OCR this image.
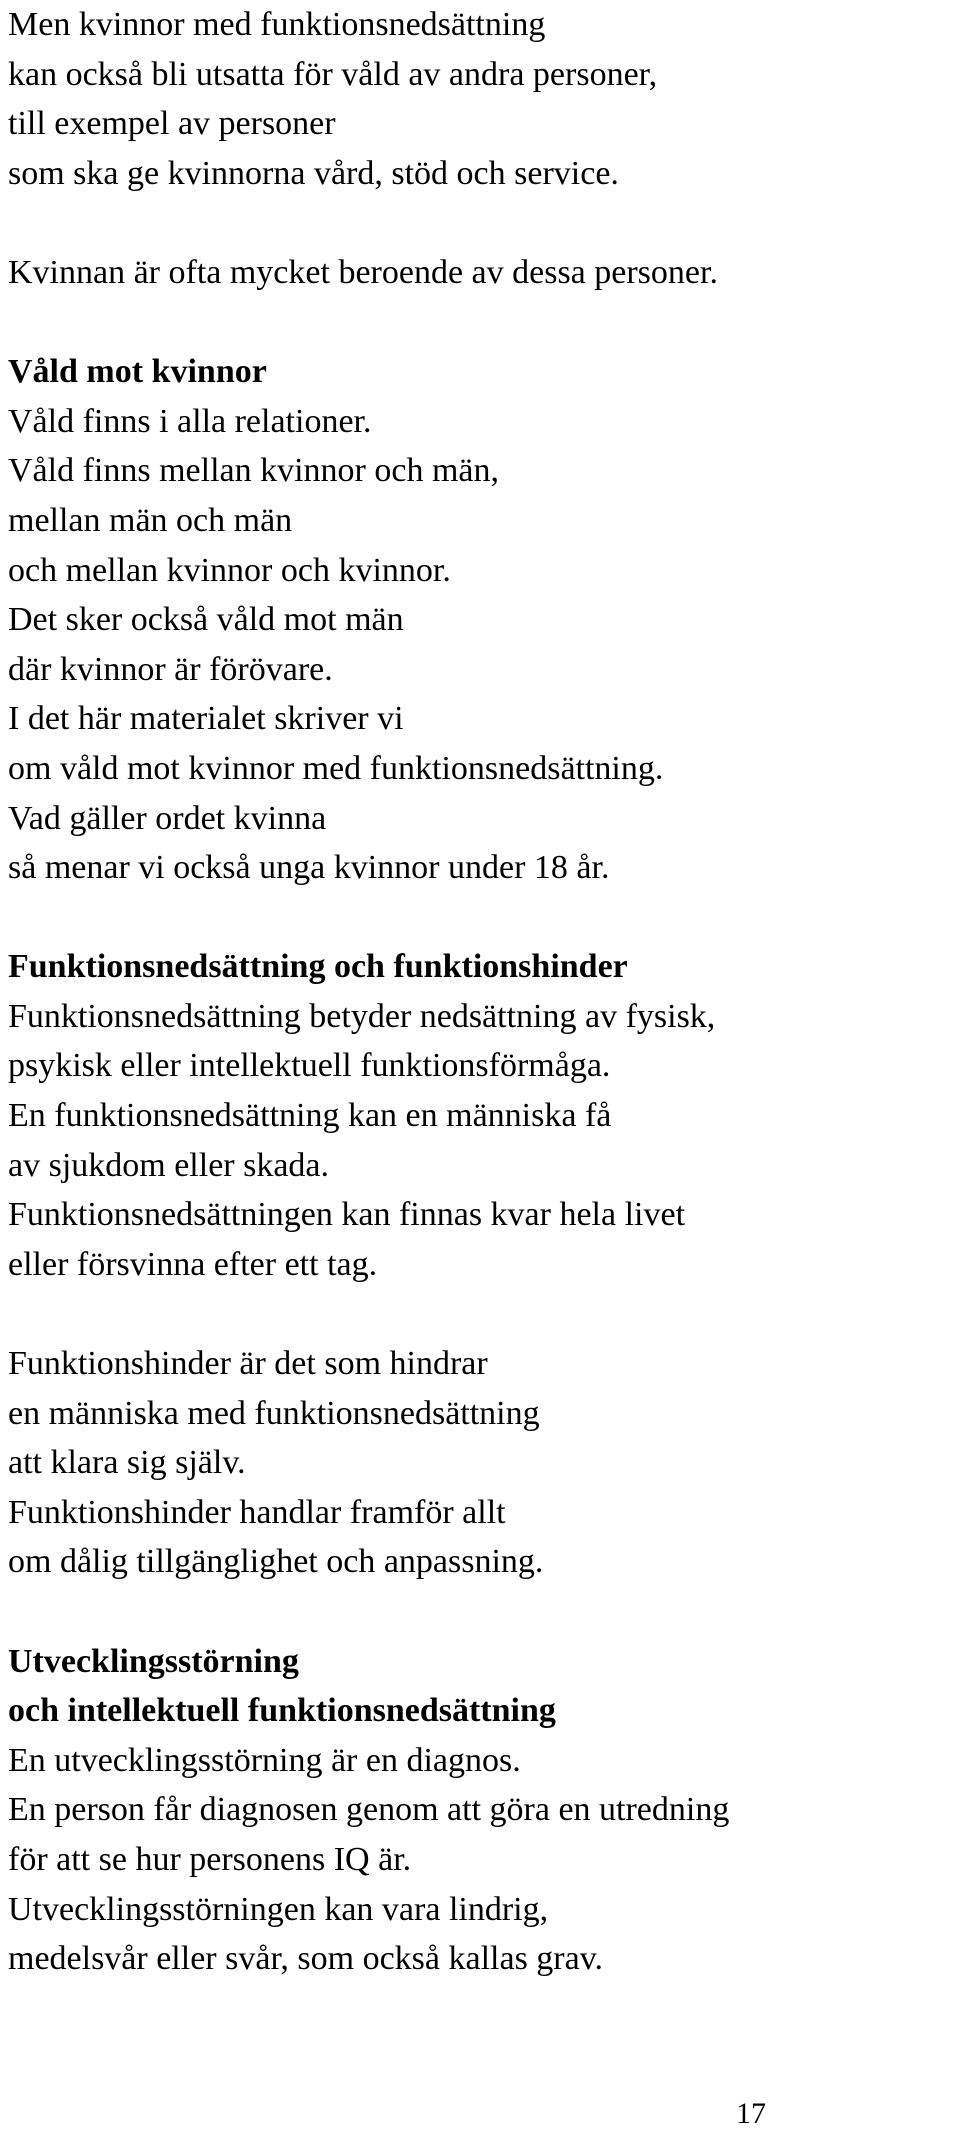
Men kvinnor med funktionsnedsättning
kan också bli utsatta för våld av andra personer,
till exempel av personer
som ska ge kvinnorna vård, stöd och service.
Kvinnan är ofta mycket beroende av dessa personer.
Våld mot kvinnor
Våld finns i alla relationer.
Våld finns mellan kvinnor och män,
mellan män och män
och mellan kvinnor och kvinnor.
Det sker också våld mot män
där kvinnor är förövare.
I det här materialet skriver vi
om våld mot kvinnor med funktionsnedsättning.
Vad gäller ordet kvinna
så menar vi också unga kvinnor under 18 år.
Funktionsnedsättning och funktionshinder
Funktionsnedsättning betyder nedsättning av fysisk,
psykisk eller intellektuell funktionsförmåga.
En funktionsnedsättning kan en människa få
av sjukdom eller skada.
Funktionsnedsättningen kan finnas kvar hela livet
eller försvinna efter ett tag.
Funktionshinder är det som hindrar
en människa med funktionsnedsättning
att klara sig själv.
Funktionshinder handlar framför allt
om dålig tillgänglighet och anpassning.
Utvecklingsstörning
och intellektuell funktionsnedsättning
En utvecklingsstörning är en diagnos.
En person får diagnosen genom att göra en utredning
för att se hur personens IQ är.
Utvecklingsstörningen kan vara lindrig,
medelsvår eller svår, som också kallas grav.
17
